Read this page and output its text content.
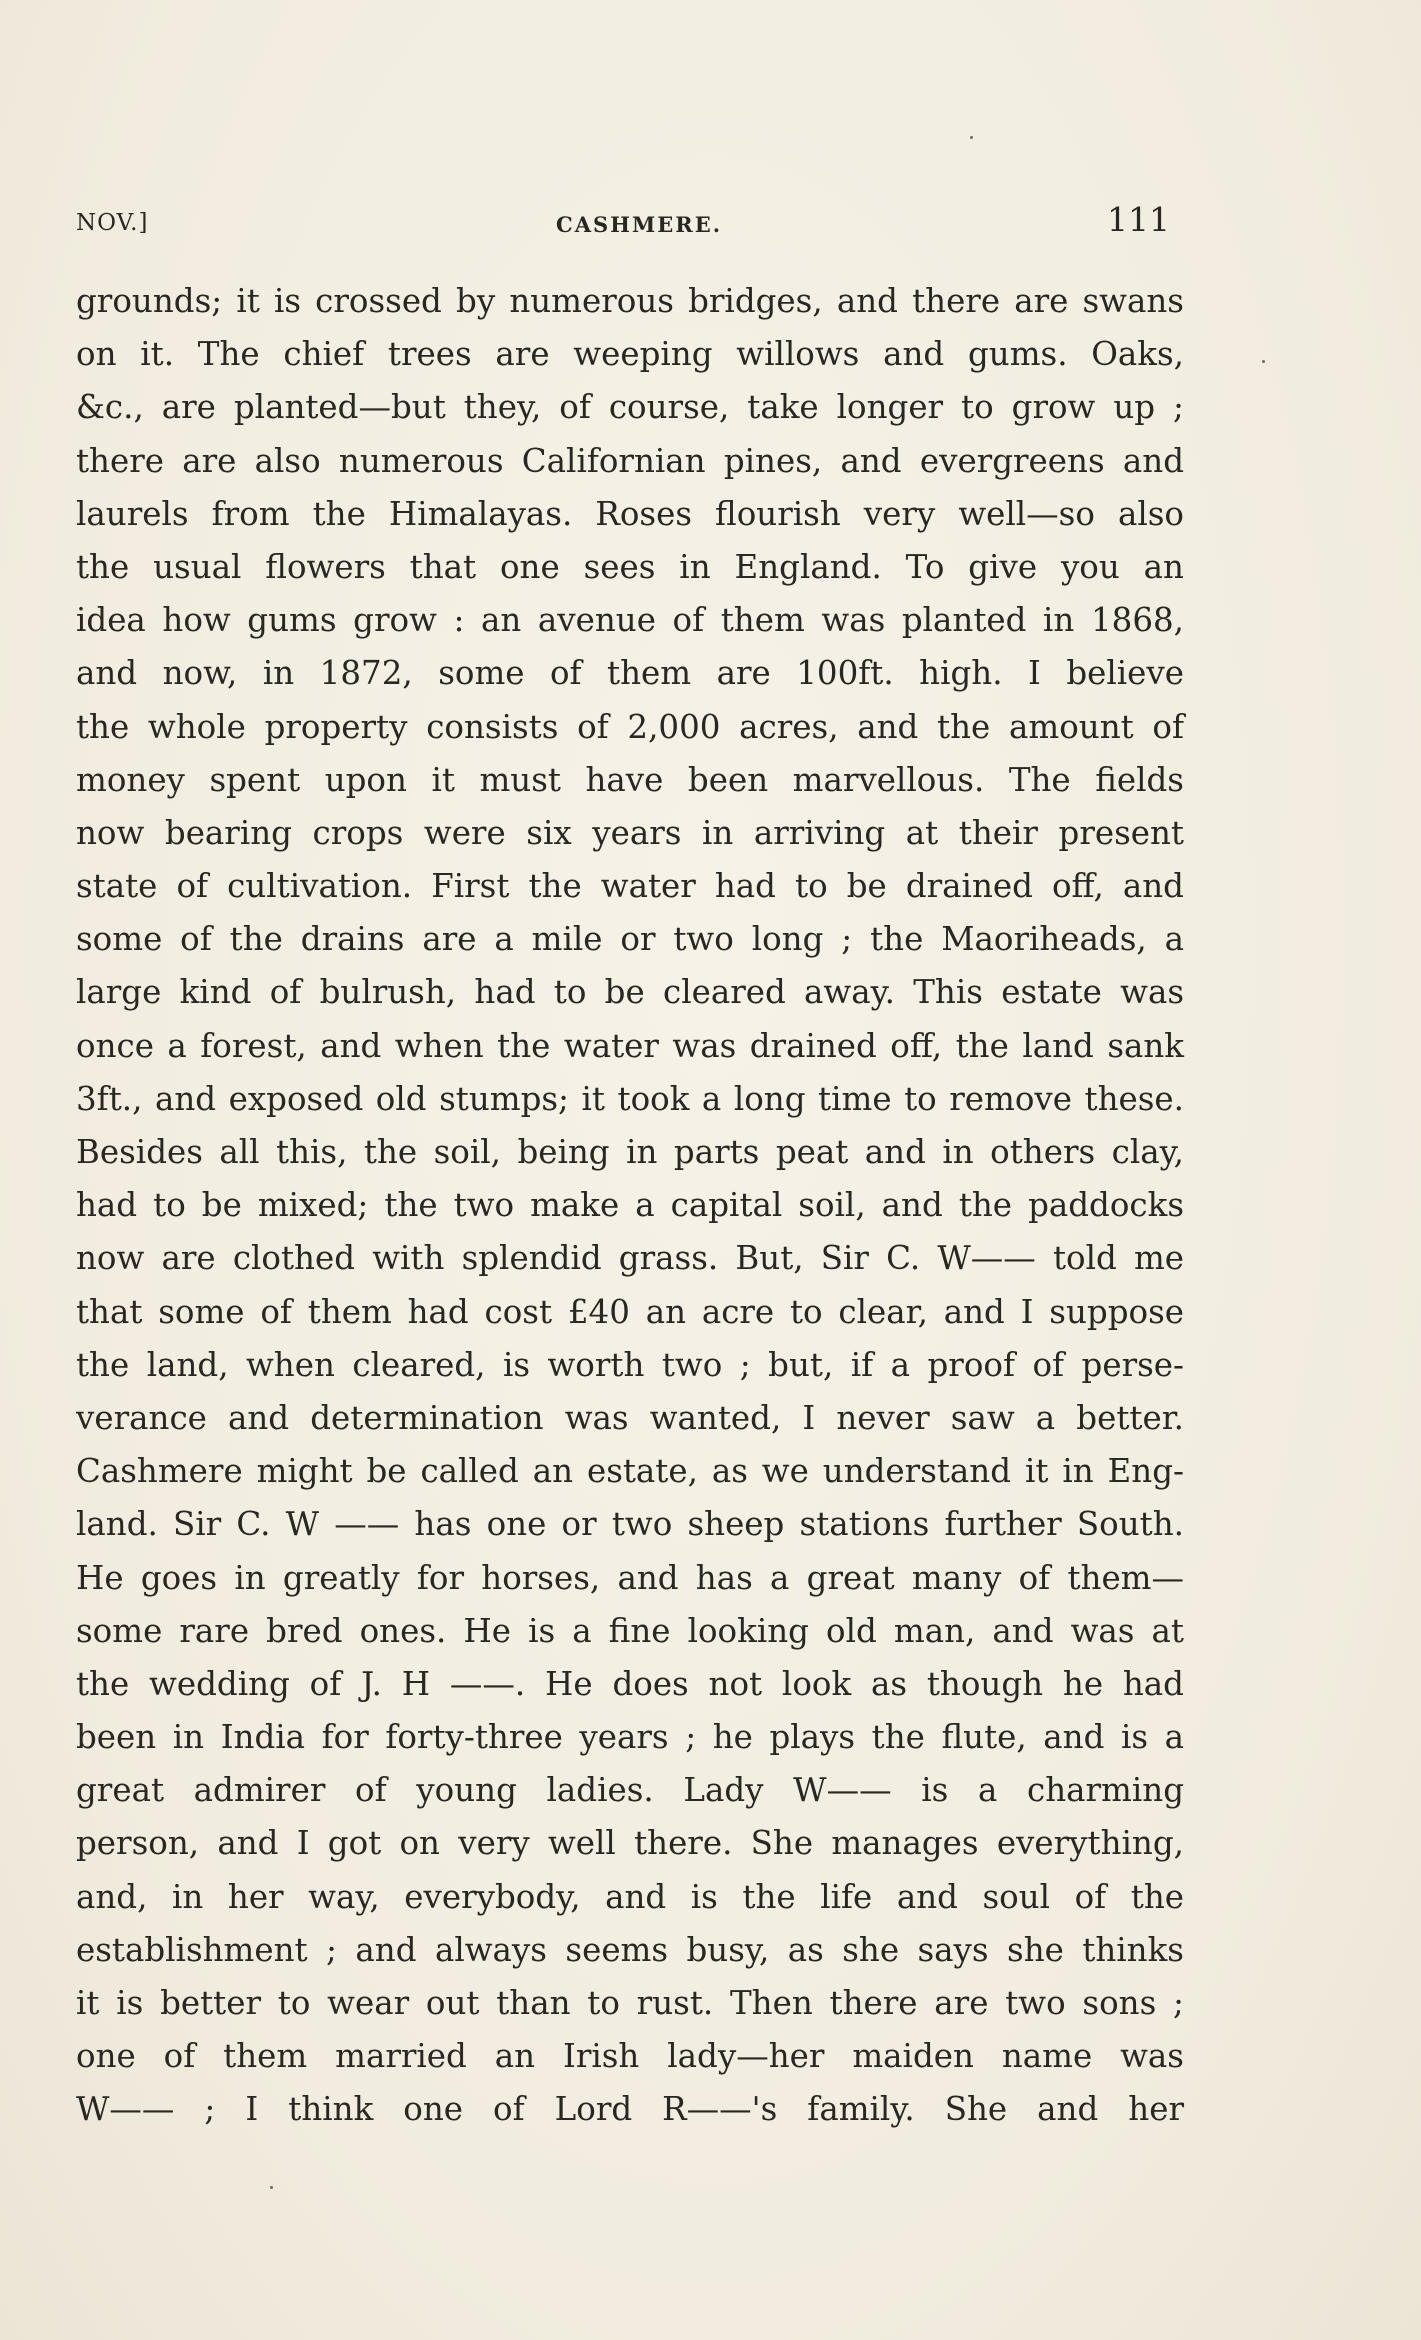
NOV.]	CASHMERE.	111
grounds; it is crossed by numerous bridges, and there are swans
on it. The chief trees are weeping willows and gums. Oaks,
&c., are planted—but they, of course, take longer to grow up ;
there are also numerous Californian pines, and evergreens and
laurels from the Himalayas. Roses flourish very well—so also
the usual flowers that one sees in England. To give you an
idea how gums grow : an avenue of them was planted in 1868,
and now, in 1872, some of them are 100ft. high. I believe
the whole property consists of 2,000 acres, and the amount of
money spent upon it must have been marvellous. The fields
now bearing crops were six years in arriving at their present
state of cultivation. First the water had to be drained off, and
some of the drains are a mile or two long ; the Maoriheads, a
large kind of bulrush, had to be cleared away. This estate was
once a forest, and when the water was drained off, the land sank
3ft., and exposed old stumps; it took a long time to remove these.
Besides all this, the soil, being in parts peat and in others clay,
had to be mixed; the two make a capital soil, and the paddocks
now are clothed with splendid grass. But, Sir C. W—— told me
that some of them had cost £40 an acre to clear, and I suppose
the land, when cleared, is worth two ; but, if a proof of perse-
verance and determination was wanted, I never saw a better.
Cashmere might be called an estate, as we understand it in Eng-
land. Sir C. W —— has one or two sheep stations further South.
He goes in greatly for horses, and has a great many of them—
some rare bred ones. He is a fine looking old man, and was at
the wedding of J. H ——. He does not look as though he had
been in India for forty-three years ; he plays the flute, and is a
great admirer of young ladies. Lady W—— is a charming
person, and I got on very well there. She manages everything,
and, in her way, everybody, and is the life and soul of the
establishment ; and always seems busy, as she says she thinks
it is better to wear out than to rust. Then there are two sons ;
one of them married an Irish lady—her maiden name was
W—— ; I think one of Lord R——'s family. She and her
